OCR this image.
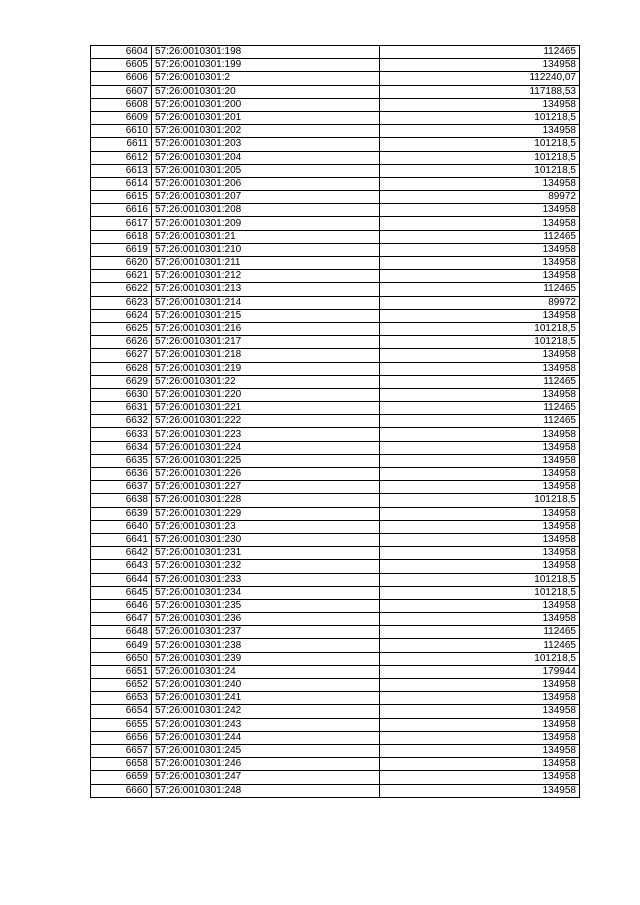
6604	57:26:0010301:198	112465
6605	57:26:0010301:199	134958
6606	57:26:0010301:2	112240,07
6607	57:26:0010301:20	117188,53
6608	57:26:0010301:200	134958
6609	57:26:0010301:201	101218,5
6610	57:26:0010301:202	134958
6611	57:26:0010301:203	101218,5
6612	57:26:0010301:204	101218,5
6613	57:26:0010301:205	101218,5
6614	57:26:0010301:206	134958
6615	57:26:0010301:207	89972
6616	57:26:0010301:208	134958
6617	57:26:0010301:209	134958
6618	57:26:0010301:21	112465
6619	57:26:0010301:210	134958
6620	57:26:0010301:211	134958
6621	57:26:0010301:212	134958
6622	57:26:0010301:213	112465
6623	57:26:0010301:214	89972
6624	57:26:0010301:215	134958
6625	57:26:0010301:216	101218,5
6626	57:26:0010301:217	101218,5
6627	57:26:0010301:218	134958
6628	57:26:0010301:219	134958
6629	57:26:0010301:22	112465
6630	57:26:0010301:220	134958
6631	57:26:0010301:221	112465
6632	57:26:0010301:222	112465
6633	57:26:0010301:223	134958
6634	57:26:0010301:224	134958
6635	57:26:0010301:225	134958
6636	57:26:0010301:226	134958
6637	57:26:0010301:227	134958
6638	57:26:0010301:228	101218,5
6639	57:26:0010301:229	134958
6640	57:26:0010301:23	134958
6641	57:26:0010301:230	134958
6642	57:26:0010301:231	134958
6643	57:26:0010301:232	134958
6644	57:26:0010301:233	101218,5
6645	57:26:0010301:234	101218,5
6646	57:26:0010301:235	134958
6647	57:26:0010301:236	134958
6648	57:26:0010301:237	112465
6649	57:26:0010301:238	112465
6650	57:26:0010301:239	101218,5
6651	57:26:0010301:24	179944
6652	57:26:0010301:240	134958
6653	57:26:0010301:241	134958
6654	57:26:0010301:242	134958
6655	57:26:0010301:243	134958
6656	57:26:0010301:244	134958
6657	57:26:0010301:245	134958
6658	57:26:0010301:246	134958
6659	57:26:0010301:247	134958
6660	57:26:0010301:248	134958
